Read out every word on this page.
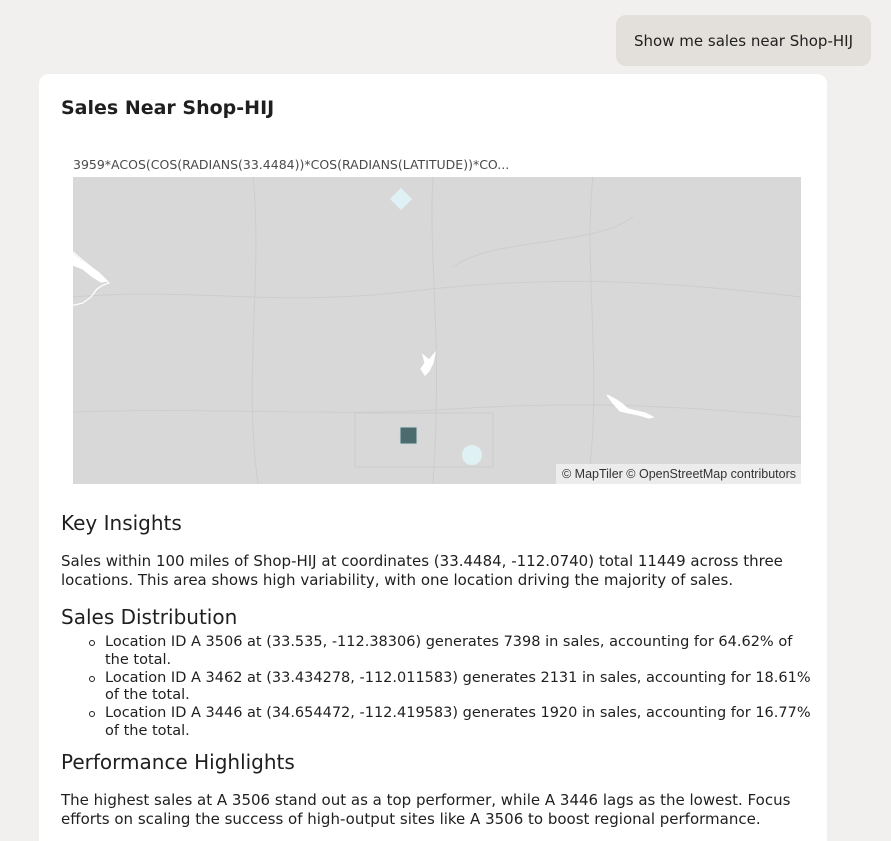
Show me sales near Shop-HIJ
Sales Near Shop-HIJ
3959*ACOS(COS(RADIANS(33.4484))*COS(RADIANS(LATITUDE))*CO...
© MapTiler © OpenStreetMap contributors
Key Insights

Sales within 100 miles of Shop-HIJ at coordinates (33.4484, -112.0740) total 11449 across three locations. This area shows high variability, with one location driving the majority of sales.

Sales Distribution
Location ID A 3506 at (33.535, -112.38306) generates 7398 in sales, accounting for 64.62% of the total.
Location ID A 3462 at (33.434278, -112.011583) generates 2131 in sales, accounting for 18.61% of the total.
Location ID A 3446 at (34.654472, -112.419583) generates 1920 in sales, accounting for 16.77% of the total.
Performance Highlights

The highest sales at A 3506 stand out as a top performer, while A 3446 lags as the lowest. Focus efforts on scaling the success of high-output sites like A 3506 to boost regional performance.
